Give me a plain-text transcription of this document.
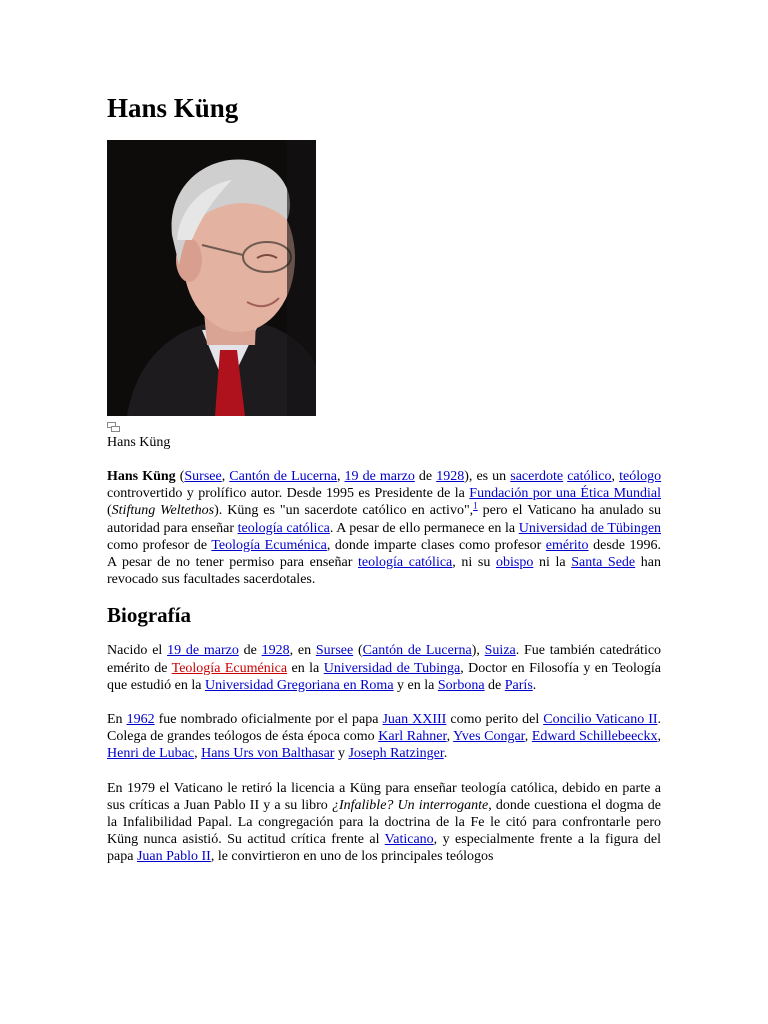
Hans Küng
Hans Küng

Hans Küng (Sursee, Cantón de Lucerna, 19 de marzo de 1928), es un sacerdote católico, teólogo controvertido y prolífico autor. Desde 1995 es Presidente de la Fundación por una Ética Mundial (Stiftung Weltethos). Küng es "un sacerdote católico en activo",$^1$ pero el Vaticano ha anulado su autoridad para enseñar teología católica. A pesar de ello permanece en la Universidad de Tübingen como profesor de Teología Ecuménica, donde imparte clases como profesor emérito desde 1996. A pesar de no tener permiso para enseñar teología católica, ni su obispo ni la Santa Sede han revocado sus facultades sacerdotales.

Biografía

Nacido el 19 de marzo de 1928, en Sursee (Cantón de Lucerna), Suiza. Fue también catedrático emérito de Teología Ecuménica en la Universidad de Tubinga, Doctor en Filosofía y en Teología que estudió en la Universidad Gregoriana en Roma y en la Sorbona de París.

En 1962 fue nombrado oficialmente por el papa Juan XXIII como perito del Concilio Vaticano II. Colega de grandes teólogos de ésta época como Karl Rahner, Yves Congar, Edward Schillebeeckx, Henri de Lubac, Hans Urs von Balthasar y Joseph Ratzinger.

En 1979 el Vaticano le retiró la licencia a Küng para enseñar teología católica, debido en parte a sus críticas a Juan Pablo II y a su libro ¿Infalible? Un interrogante, donde cuestiona el dogma de la Infalibilidad Papal. La congregación para la doctrina de la Fe le citó para confrontarle pero Küng nunca asistió. Su actitud crítica frente al Vaticano, y especialmente frente a la figura del papa Juan Pablo II, le convirtieron en uno de los principales teólogos
